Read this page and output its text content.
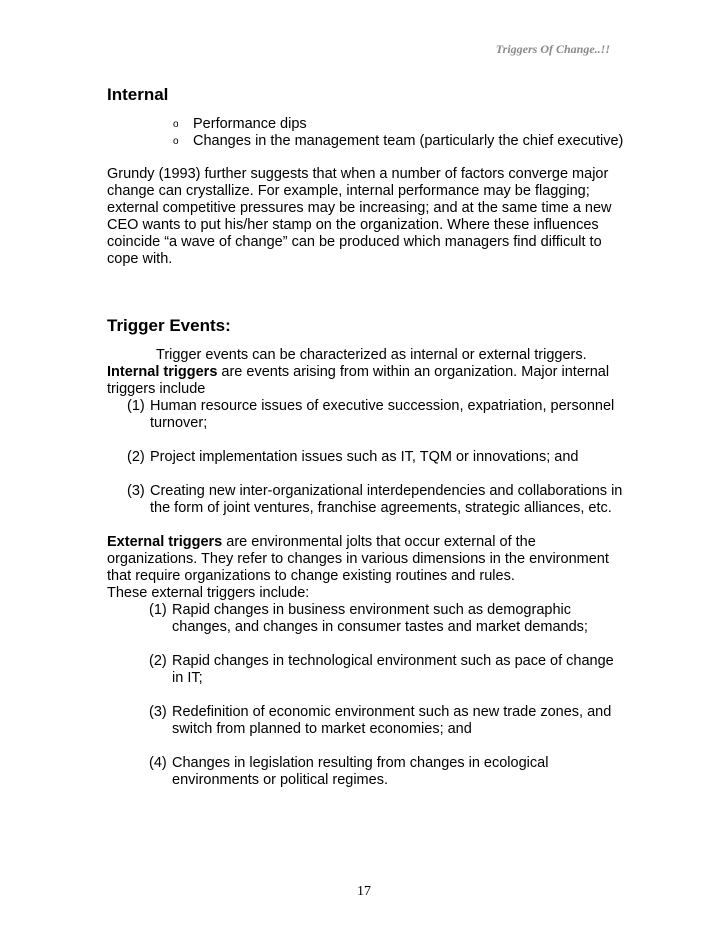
Triggers Of Change..!!
Internal
o Performance dips
o Changes in the management team (particularly the chief executive)

Grundy (1993) further suggests that when a number of factors converge major change can crystallize. For example, internal performance may be flagging; external competitive pressures may be increasing; and at the same time a new CEO wants to put his/her stamp on the organization. Where these influences coincide “a wave of change” can be produced which managers find difficult to cope with.

Trigger Events:

Trigger events can be characterized as internal or external triggers.

Internal triggers are events arising from within an organization. Major internal triggers include

(1) Human resource issues of executive succession, expatriation, personnel turnover;
(2) Project implementation issues such as IT, TQM or innovations; and
(3) Creating new inter-organizational interdependencies and collaborations in the form of joint ventures, franchise agreements, strategic alliances, etc.

External triggers are environmental jolts that occur external of the organizations. They refer to changes in various dimensions in the environment that require organizations to change existing routines and rules.

These external triggers include:

(1) Rapid changes in business environment such as demographic changes, and changes in consumer tastes and market demands;
(2) Rapid changes in technological environment such as pace of change in IT;
(3) Redefinition of economic environment such as new trade zones, and switch from planned to market economies; and
(4) Changes in legislation resulting from changes in ecological environments or political regimes.
17
